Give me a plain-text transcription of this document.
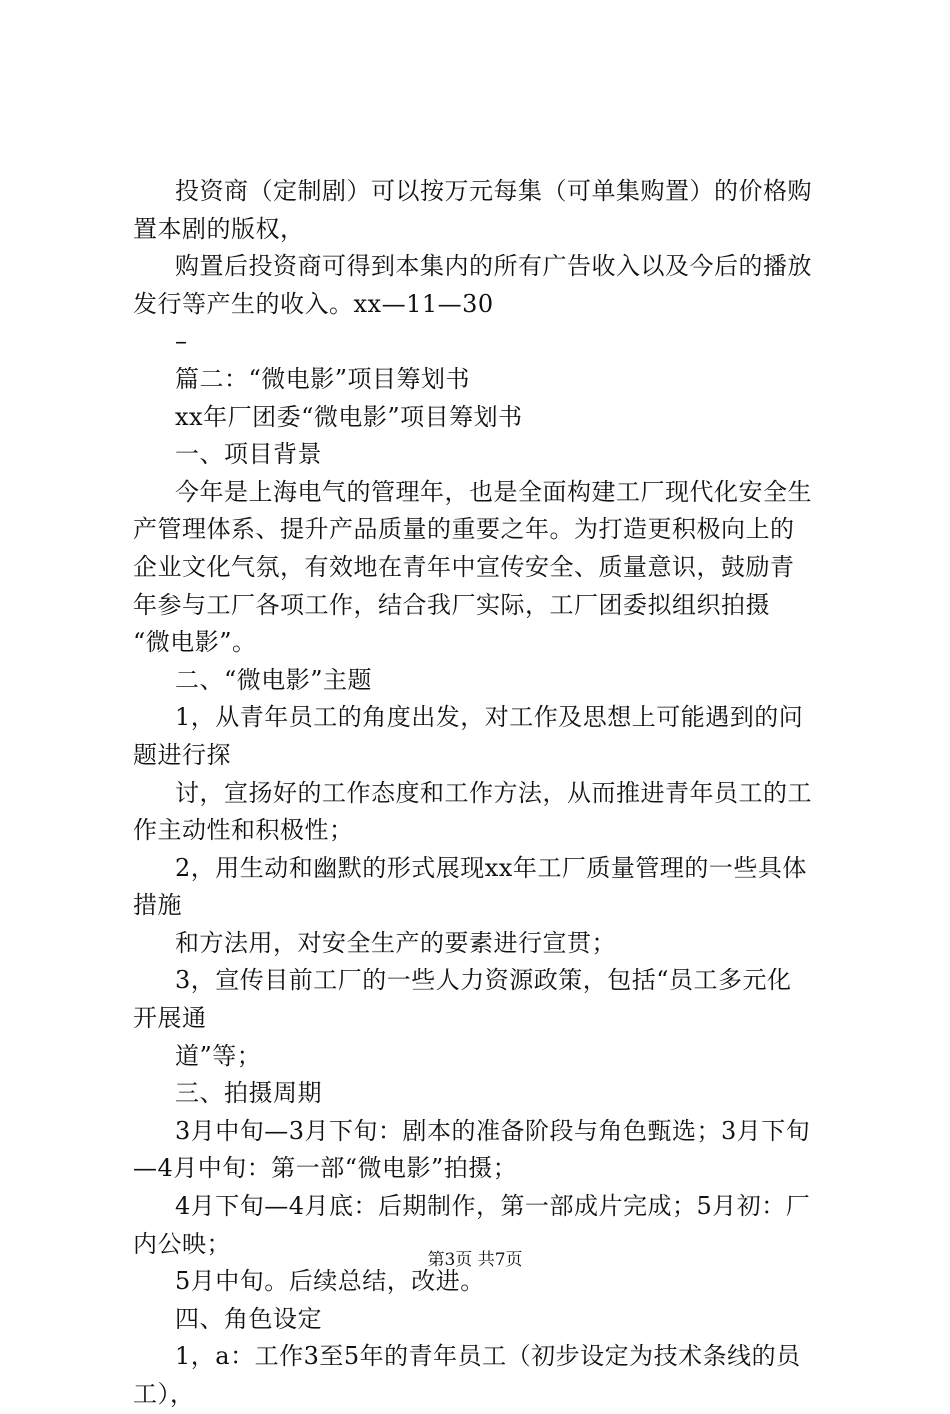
投资商（定制剧）可以按万元每集（可单集购置）的价格购

置本剧的版权，

购置后投资商可得到本集内的所有广告收入以及今后的播放

发行等产生的收入。xx—11—30

–

篇二：“微电影”项目筹划书

xx年厂团委“微电影”项目筹划书

一、项目背景

今年是上海电气的管理年，也是全面构建工厂现代化安全生

产管理体系、提升产品质量的重要之年。为打造更积极向上的

企业文化气氛，有效地在青年中宣传安全、质量意识，鼓励青

年参与工厂各项工作，结合我厂实际，工厂团委拟组织拍摄

“微电影”。

二、“微电影”主题

1，从青年员工的角度出发，对工作及思想上可能遇到的问

题进行探

讨，宣扬好的工作态度和工作方法，从而推进青年员工的工

作主动性和积极性；

2，用生动和幽默的形式展现xx年工厂质量管理的一些具体

措施

和方法用，对安全生产的要素进行宣贯；

3，宣传目前工厂的一些人力资源政策，包括“员工多元化

开展通

道”等；

三、拍摄周期

3月中旬—3月下旬：剧本的准备阶段与角色甄选；3月下旬

—4月中旬：第一部“微电影”拍摄；

4月下旬—4月底：后期制作，第一部成片完成；5月初：厂

内公映；

5月中旬。后续总结，改进。

四、角色设定

1，a：工作3至5年的青年员工（初步设定为技术条线的员

工），

第3页 共7页
